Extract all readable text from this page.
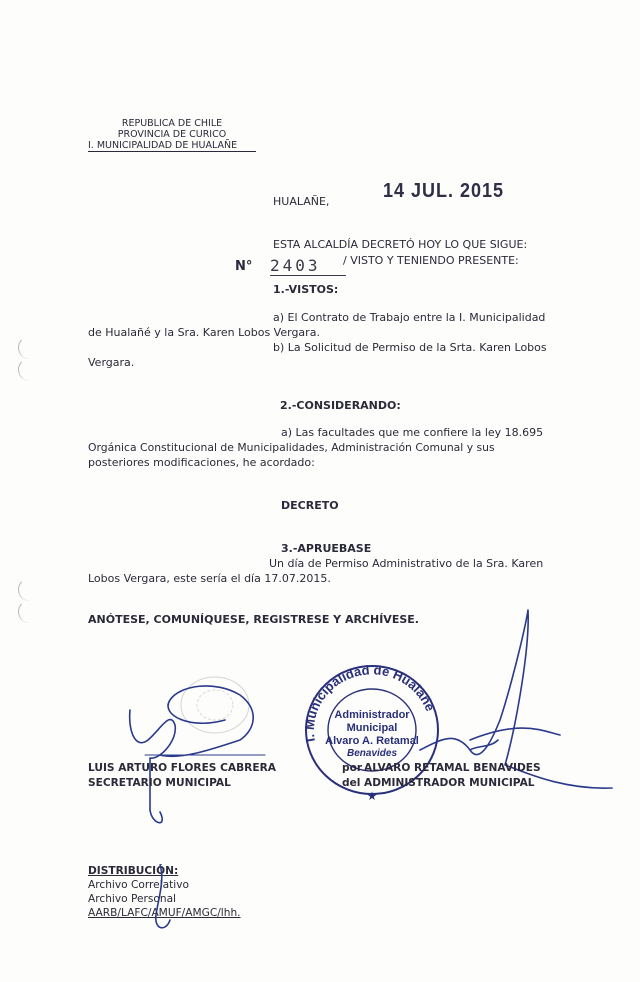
REPUBLICA DE CHILE
PROVINCIA DE CURICO
I. MUNICIPALIDAD DE HUALAÑE
HUALAÑE,
14 JUL. 2015
ESTA ALCALDÍA DECRETÓ HOY LO QUE SIGUE:
N° 2403	/ VISTO Y TENIENDO PRESENTE:
1.-VISTOS:
a) El Contrato de Trabajo entre la I. Municipalidad
de Hualañé y la Sra. Karen Lobos Vergara.
b) La Solicitud de Permiso de la Srta. Karen Lobos
Vergara.
2.-CONSIDERANDO:
a) Las facultades que me confiere la ley 18.695
Orgánica Constitucional de Municipalidades, Administración Comunal y sus
posteriores modificaciones, he acordado:
DECRETO
3.-APRUEBASE
Un día de Permiso Administrativo de la Sra. Karen
Lobos Vergara, este sería el día 17.07.2015.
ANÓTESE, COMUNÍQUESE, REGISTRESE Y ARCHÍVESE.
I. Municipalidad de Hualañe
Administrador
Municipal
Alvaro A. Retamal
Benavides
★
LUIS ARTURO FLORES CABRERA
SECRETARIO MUNICIPAL
por ALVARO RETAMAL BENAVIDES
del ADMINISTRADOR MUNICIPAL
DISTRIBUCIÓN:
Archivo Correlativo
Archivo Personal
AARB/LAFC/AMUF/AMGC/lhh.
